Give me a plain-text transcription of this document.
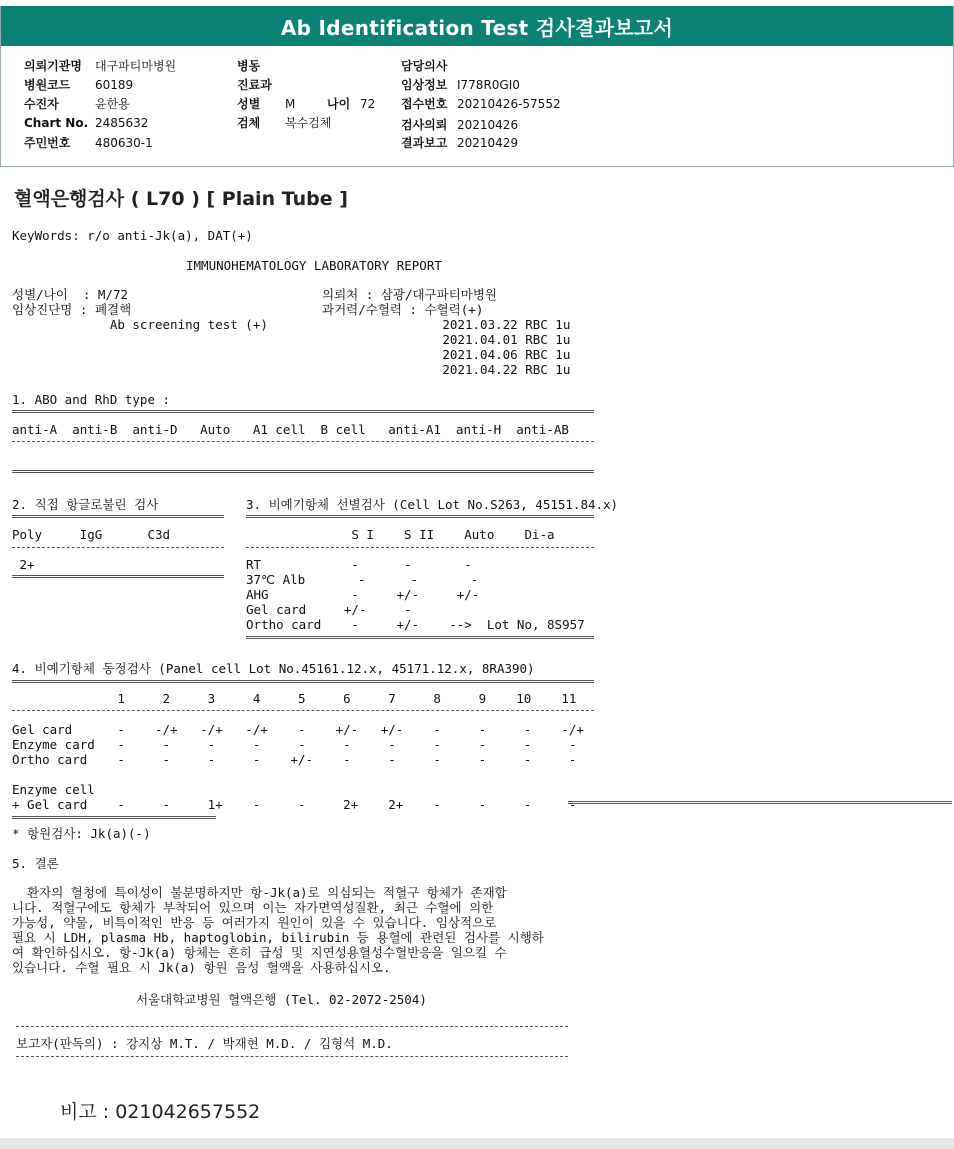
Ab Identification Test 검사결과보고서
의뢰기관명 대구파티마병원
병원코드 60189
수진자	윤한용
Chart No. 2485632
주민번호 480630-1
병동
진료과
성별 M
검체 복수검체
담당의사
임상정보 I778R0GI0
접수번호 20210426-57552
검사의뢰 20210426
결과보고 20210429
나이 72
혈액은행검사 ( L70 ) [ Plain Tube ]
KeyWords: r/o anti-Jk(a), DAT(+)
IMMUNOHEMATOLOGY LABORATORY REPORT
성별/나이  : M/72
임상진단명 : 폐결핵
Ab screening test (+)
의뢰처 : 삼광/대구파티마병원
과거력/수혈력 : 수혈력(+)
2021.03.22 RBC 1u
2021.04.01 RBC 1u
2021.04.06 RBC 1u
2021.04.22 RBC 1u
1. ABO and RhD type :
anti-A  anti-B  anti-D   Auto   A1 cell  B cell   anti-A1  anti-H  anti-AB
2. 직접 항글로불린 검사
Poly     IgG      C3d
2+
3. 비예기항체 선별검사 (Cell Lot No.S263, 45151.84.x)
S I    S II    Auto    Di-a
RT            -      -       -
37℃ Alb       -      -       -
AHG           -     +/-     +/-
Gel card     +/-     -
Ortho card    -     +/-    -->  Lot No, 8S957
4. 비예기항체 동정검사 (Panel cell Lot No.45161.12.x, 45171.12.x, 8RA390)
1     2     3     4     5     6     7     8     9    10    11
Gel card      -    -/+   -/+   -/+    -    +/-   +/-    -     -     -    -/+
Enzyme card   -     -     -     -     -     -     -     -     -     -     -
Ortho card    -     -     -     -    +/-    -     -     -     -     -     -

Enzyme cell
+ Gel card    -     -     1+    -     -     2+    2+    -     -     -     -
* 항원검사: Jk(a)(-)
5. 결론
환자의 혈청에 특이성이 불분명하지만 항-Jk(a)로 의심되는 적혈구 항체가 존재합
니다. 적혈구에도 항체가 부착되어 있으며 이는 자가면역성질환, 최근 수혈에 의한
가능성, 약물, 비특이적인 반응 등 여러가지 원인이 있을 수 있습니다. 임상적으로
필요 시 LDH, plasma Hb, haptoglobin, bilirubin 등 용혈에 관련된 검사를 시행하
여 확인하십시오. 항-Jk(a) 항체는 흔히 급성 및 지연성용혈성수혈반응을 일으킬 수
있습니다. 수혈 필요 시 Jk(a) 항원 음성 혈액을 사용하십시오.
서울대학교병원 혈액은행 (Tel. 02-2072-2504)
보고자(판독의) : 강지상 M.T. / 박재현 M.D. / 김형석 M.D.
비고 : 021042657552
